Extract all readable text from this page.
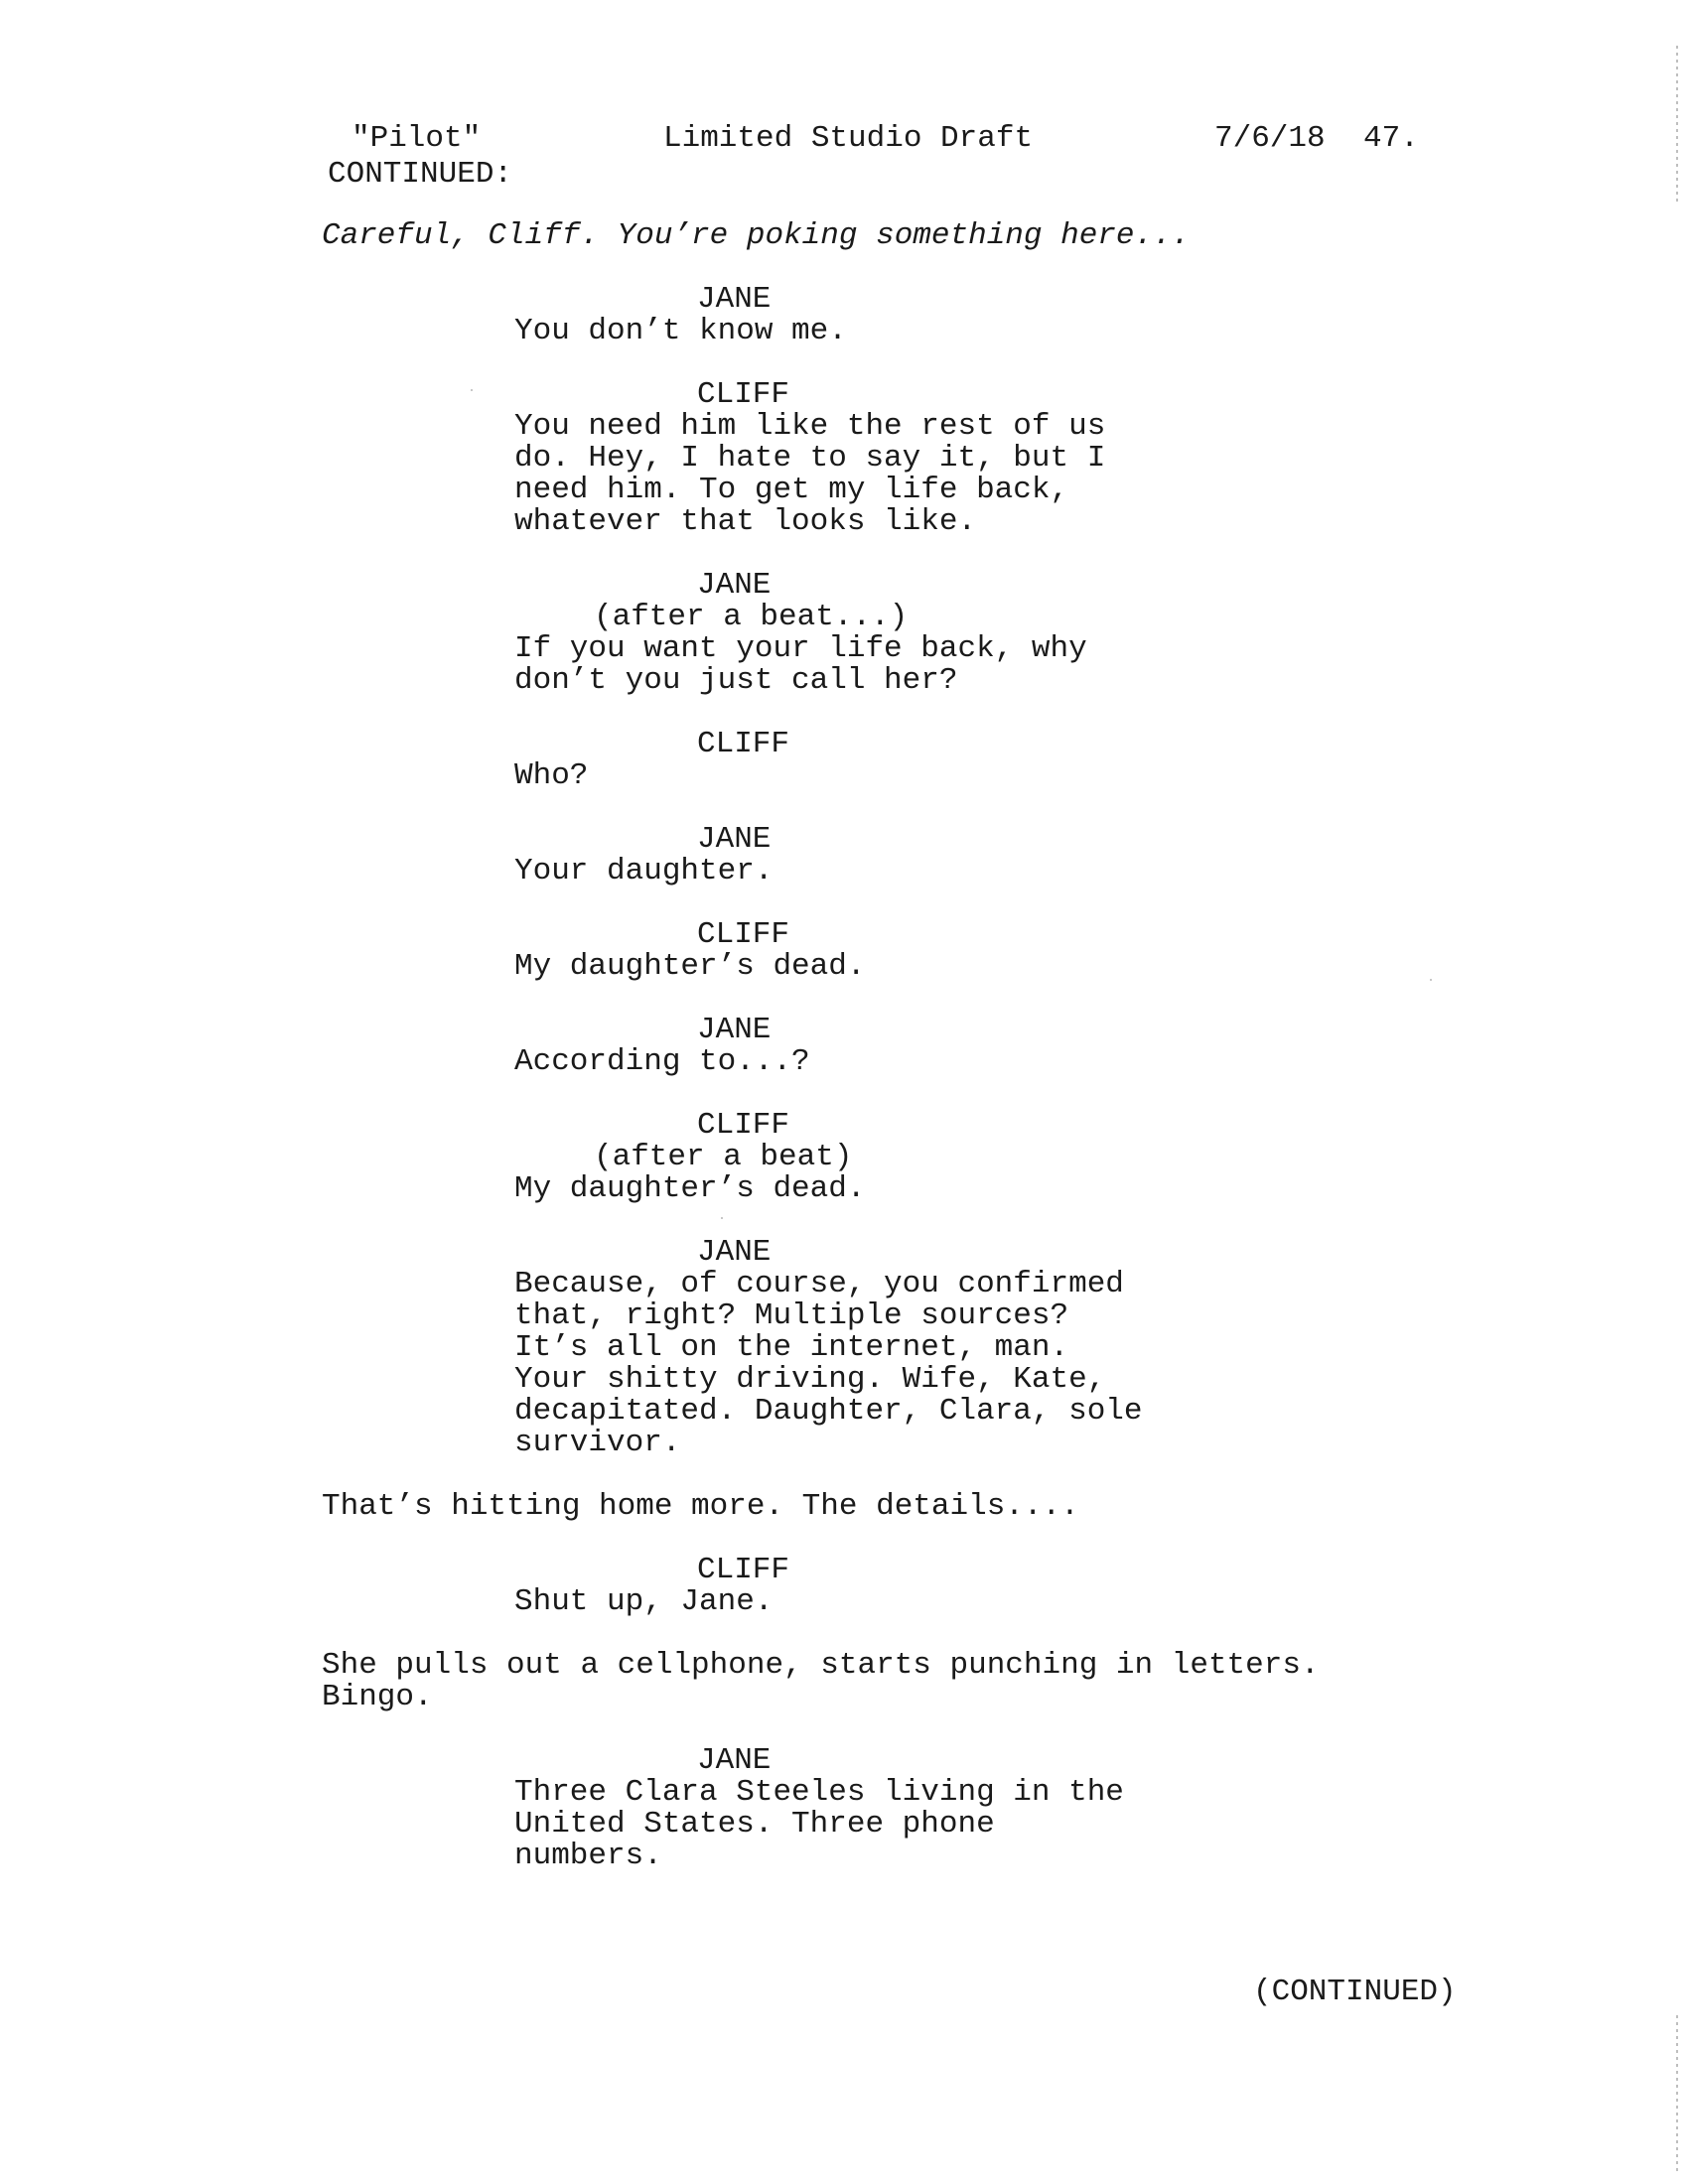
"Pilot"	Limited Studio Draft	7/6/18 47.
CONTINUED:
Careful, Cliff. You’re poking something here...
JANE
You don’t know me.
CLIFF
You need him like the rest of us
do. Hey, I hate to say it, but I
need him. To get my life back,
whatever that looks like.
JANE
(after a beat...)
If you want your life back, why
don’t you just call her?
CLIFF
Who?
JANE
Your daughter.
CLIFF
My daughter’s dead.
JANE
According to...?
CLIFF
(after a beat)
My daughter’s dead.
JANE
Because, of course, you confirmed
that, right? Multiple sources?
It’s all on the internet, man.
Your shitty driving. Wife, Kate,
decapitated. Daughter, Clara, sole
survivor.
That’s hitting home more. The details....
CLIFF
Shut up, Jane.
She pulls out a cellphone, starts punching in letters.
Bingo.
JANE
Three Clara Steeles living in the
United States. Three phone
numbers.
(CONTINUED)
